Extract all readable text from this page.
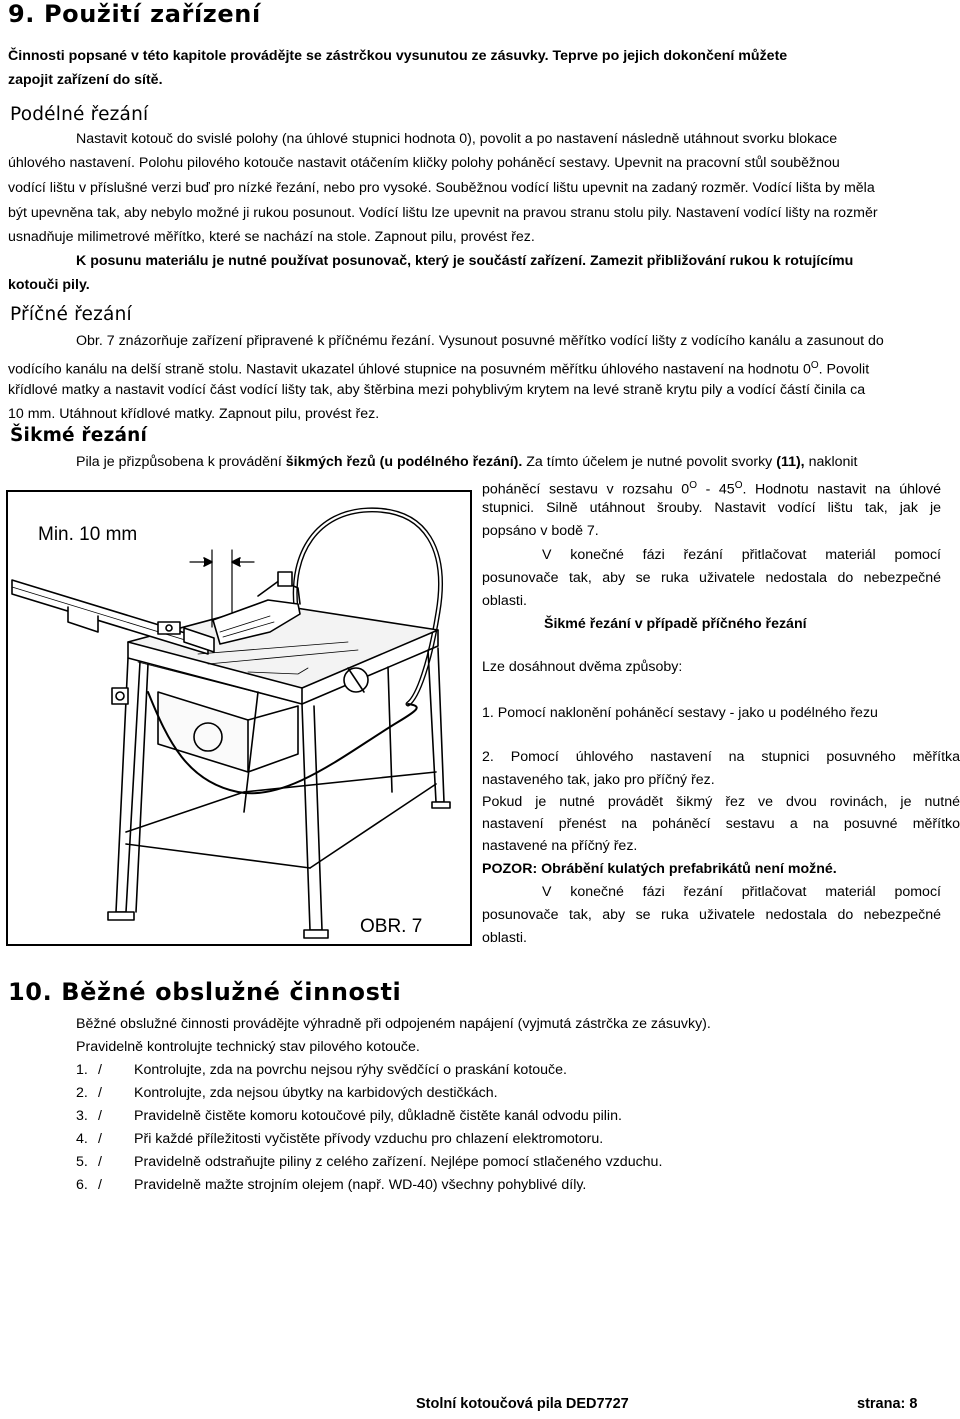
9. Použití zařízení
Činnosti popsané v této kapitole provádějte se zástrčkou vysunutou ze zásuvky. Teprve po jejich dokončení můžete
zapojit zařízení do sítě.
Podélné řezání
Nastavit kotouč do svislé polohy (na úhlové stupnici hodnota 0), povolit a po nastavení následně utáhnout svorku blokace
úhlového nastavení. Polohu pilového kotouče nastavit otáčením kličky polohy poháněcí sestavy. Upevnit na pracovní stůl souběžnou
vodící lištu v příslušné verzi buď pro nízké řezání, nebo pro vysoké. Souběžnou vodící lištu upevnit na zadaný rozměr. Vodící lišta by měla
být upevněna tak, aby nebylo možné ji rukou posunout. Vodící lištu lze upevnit na pravou stranu stolu pily. Nastavení vodící lišty na rozměr
usnadňuje milimetrové měřítko, které se nachází na stole. Zapnout pilu, provést řez.
K posunu materiálu je nutné používat posunovač, který je součástí zařízení. Zamezit přibližování rukou k rotujícímu
kotouči pily.
Příčné řezání
Obr. 7 znázorňuje zařízení připravené k příčnému řezání. Vysunout posuvné měřítko vodící lišty z vodícího kanálu a zasunout do
vodícího kanálu na delší straně stolu. Nastavit ukazatel úhlové stupnice na posuvném měřítku úhlového nastavení na hodnotu $0^O$. Povolit
křídlové matky a nastavit vodící část vodící lišty tak, aby štěrbina mezi pohyblivým krytem na levé straně krytu pily a vodící částí činila ca
10 mm. Utáhnout křídlové matky. Zapnout pilu, provést řez.
Šikmé řezání
Pila je přizpůsobena k provádění šikmých řezů (u podélného řezání). Za tímto účelem je nutné povolit svorky (11), naklonit
poháněcí sestavu v rozsahu $0^O - 45^O$. Hodnotu nastavit na úhlové
stupnici. Silně utáhnout šrouby. Nastavit vodící lištu tak, jak je
popsáno v bodě 7.
V konečné fázi řezání přitlačovat materiál pomocí
posunovače tak, aby se ruka uživatele nedostala do nebezpečné
oblasti.
Šikmé řezání v případě příčného řezání
Lze dosáhnout dvěma způsoby:
1. Pomocí naklonění poháněcí sestavy - jako u podélného řezu
2. Pomocí úhlového nastavení na stupnici posuvného měřítka
nastaveného tak, jako pro příčný řez.
Pokud je nutné provádět šikmý řez ve dvou rovinách, je nutné
nastavení přenést na poháněcí sestavu a na posuvné měřítko
nastavené na příčný řez.
POZOR: Obrábění kulatých prefabrikátů není možné.
V konečné fázi řezání přitlačovat materiál pomocí
posunovače tak, aby se ruka uživatele nedostala do nebezpečné
oblasti.
Min. 10 mm
OBR. 7
10. Běžné obslužné činnosti
Běžné obslužné činnosti provádějte výhradně při odpojeném napájení (vyjmutá zástrčka ze zásuvky).
Pravidelně kontrolujte technický stav pilového kotouče.
1. / Kontrolujte, zda na povrchu nejsou rýhy svědčící o praskání kotouče.
2. / Kontrolujte, zda nejsou úbytky na karbidových destičkách.
3. / Pravidelně čistěte komoru kotoučové pily, důkladně čistěte kanál odvodu pilin.
4. / Při každé příležitosti vyčistěte přívody vzduchu pro chlazení elektromotoru.
5. / Pravidelně odstraňujte piliny z celého zařízení. Nejlépe pomocí stlačeného vzduchu.
6. / Pravidelně mažte strojním olejem (např. WD-40) všechny pohyblivé díly.
Stolní kotoučová pila DED7727	strana: 8
